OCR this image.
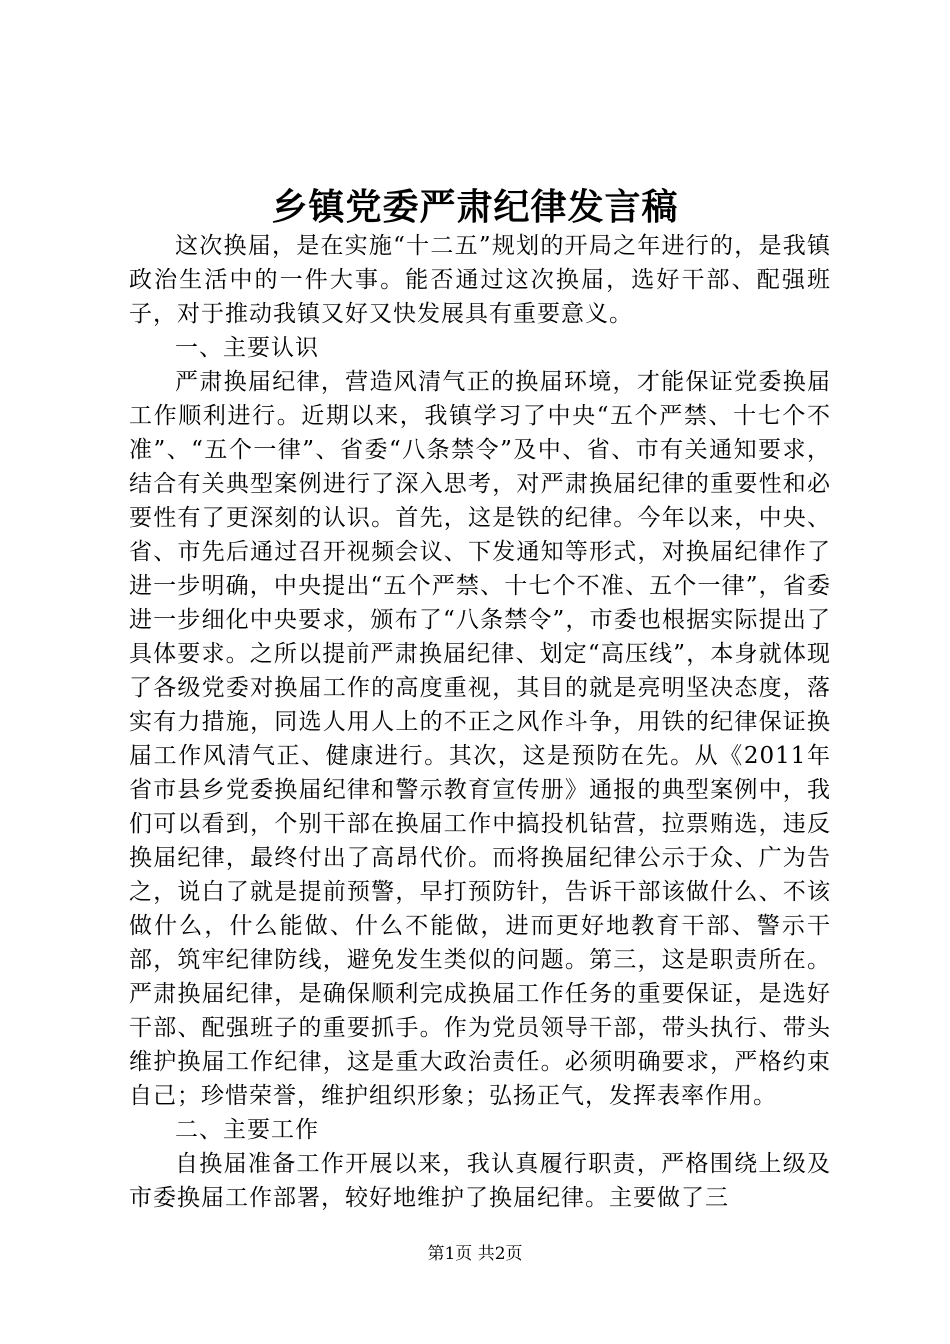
乡镇党委严肃纪律发言稿

这次换届，是在实施“十二五”规划的开局之年进行的，是我镇政治生活中的一件大事。能否通过这次换届，选好干部、配强班子，对于推动我镇又好又快发展具有重要意义。

一、主要认识

严肃换届纪律，营造风清气正的换届环境，才能保证党委换届工作顺利进行。近期以来，我镇学习了中央“五个严禁、十七个不准”、“五个一律”、省委“八条禁令”及中、省、市有关通知要求，结合有关典型案例进行了深入思考，对严肃换届纪律的重要性和必要性有了更深刻的认识。首先，这是铁的纪律。今年以来，中央、省、市先后通过召开视频会议、下发通知等形式，对换届纪律作了进一步明确，中央提出“五个严禁、十七个不准、五个一律”，省委进一步细化中央要求，颁布了“八条禁令”，市委也根据实际提出了具体要求。之所以提前严肃换届纪律、划定“高压线”，本身就体现了各级党委对换届工作的高度重视，其目的就是亮明坚决态度，落实有力措施，同选人用人上的不正之风作斗争，用铁的纪律保证换届工作风清气正、健康进行。其次，这是预防在先。从《2011年省市县乡党委换届纪律和警示教育宣传册》通报的典型案例中，我们可以看到，个别干部在换届工作中搞投机钻营，拉票贿选，违反换届纪律，最终付出了高昂代价。而将换届纪律公示于众、广为告之，说白了就是提前预警，早打预防针，告诉干部该做什么、不该做什么，什么能做、什么不能做，进而更好地教育干部、警示干部，筑牢纪律防线，避免发生类似的问题。第三，这是职责所在。严肃换届纪律，是确保顺利完成换届工作任务的重要保证，是选好干部、配强班子的重要抓手。作为党员领导干部，带头执行、带头维护换届工作纪律，这是重大政治责任。必须明确要求，严格约束自己；珍惜荣誉，维护组织形象；弘扬正气，发挥表率作用。

二、主要工作

自换届准备工作开展以来，我认真履行职责，严格围绕上级及市委换届工作部署，较好地维护了换届纪律。主要做了三

第1页 共2页
